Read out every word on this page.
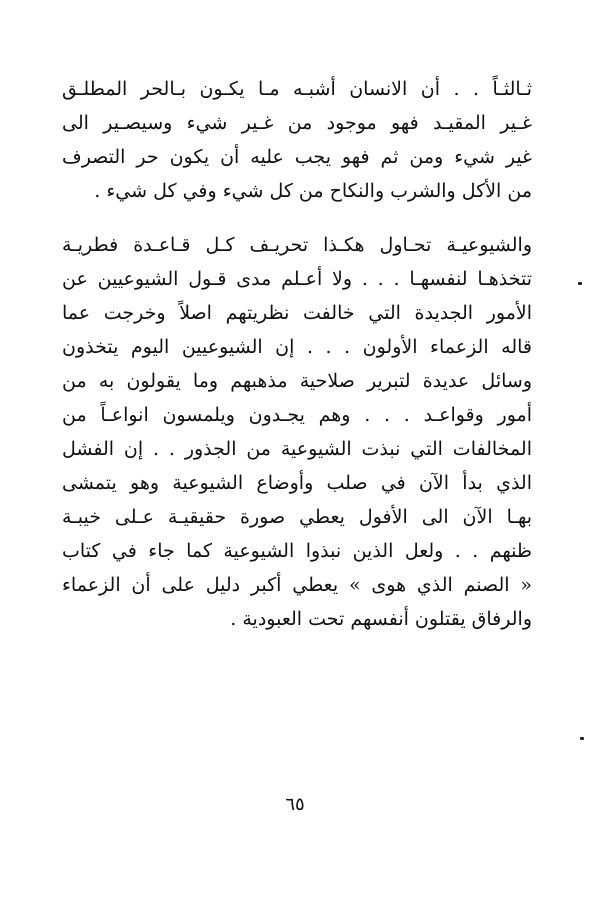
ثـالثـاً . . أن الانسان أشبـه مـا يكـون بـالحر المطلـق
غـير المقيـد فهو موجود من غـير شيء وسيصـير الى
غير شيء ومن ثم فهو يجب عليه أن يكون حر التصرف
من الأكل والشرب والنكاح من كل شيء وفي كل شيء .
والشيوعيـة تحـاول هكـذا تحريـف كـل قـاعـدة فطريـة
تتخذهـا لنفسهـا . . . ولا أعـلم مدى قـول الشيوعيين عن
الأمور الجديدة التي خالفت نظريتهم اصلاً وخرجت عما
قاله الزعماء الأولون . . . إن الشيوعيين اليوم يتخذون
وسائل عديدة لتبرير صلاحية مذهبهم وما يقولون به من
أمور وقواعـد . . . وهم يجـدون ويلمسون انواعـاً من
المخالفات التي نبذت الشيوعية من الجذور . . إن الفشل
الذي بدأ الآن في صلب وأوضاع الشيوعية وهو يتمشى
بهـا الآن الى الأفول يعطي صورة حقيقيـة عـلى خيبـة
ظنهم . . ولعل الذين نبذوا الشيوعية كما جاء في كتاب
« الصنم الذي هوى » يعطي أكبر دليل على أن الزعماء
والرفاق يقتلون أنفسهم تحت العبودية .
٦٥
